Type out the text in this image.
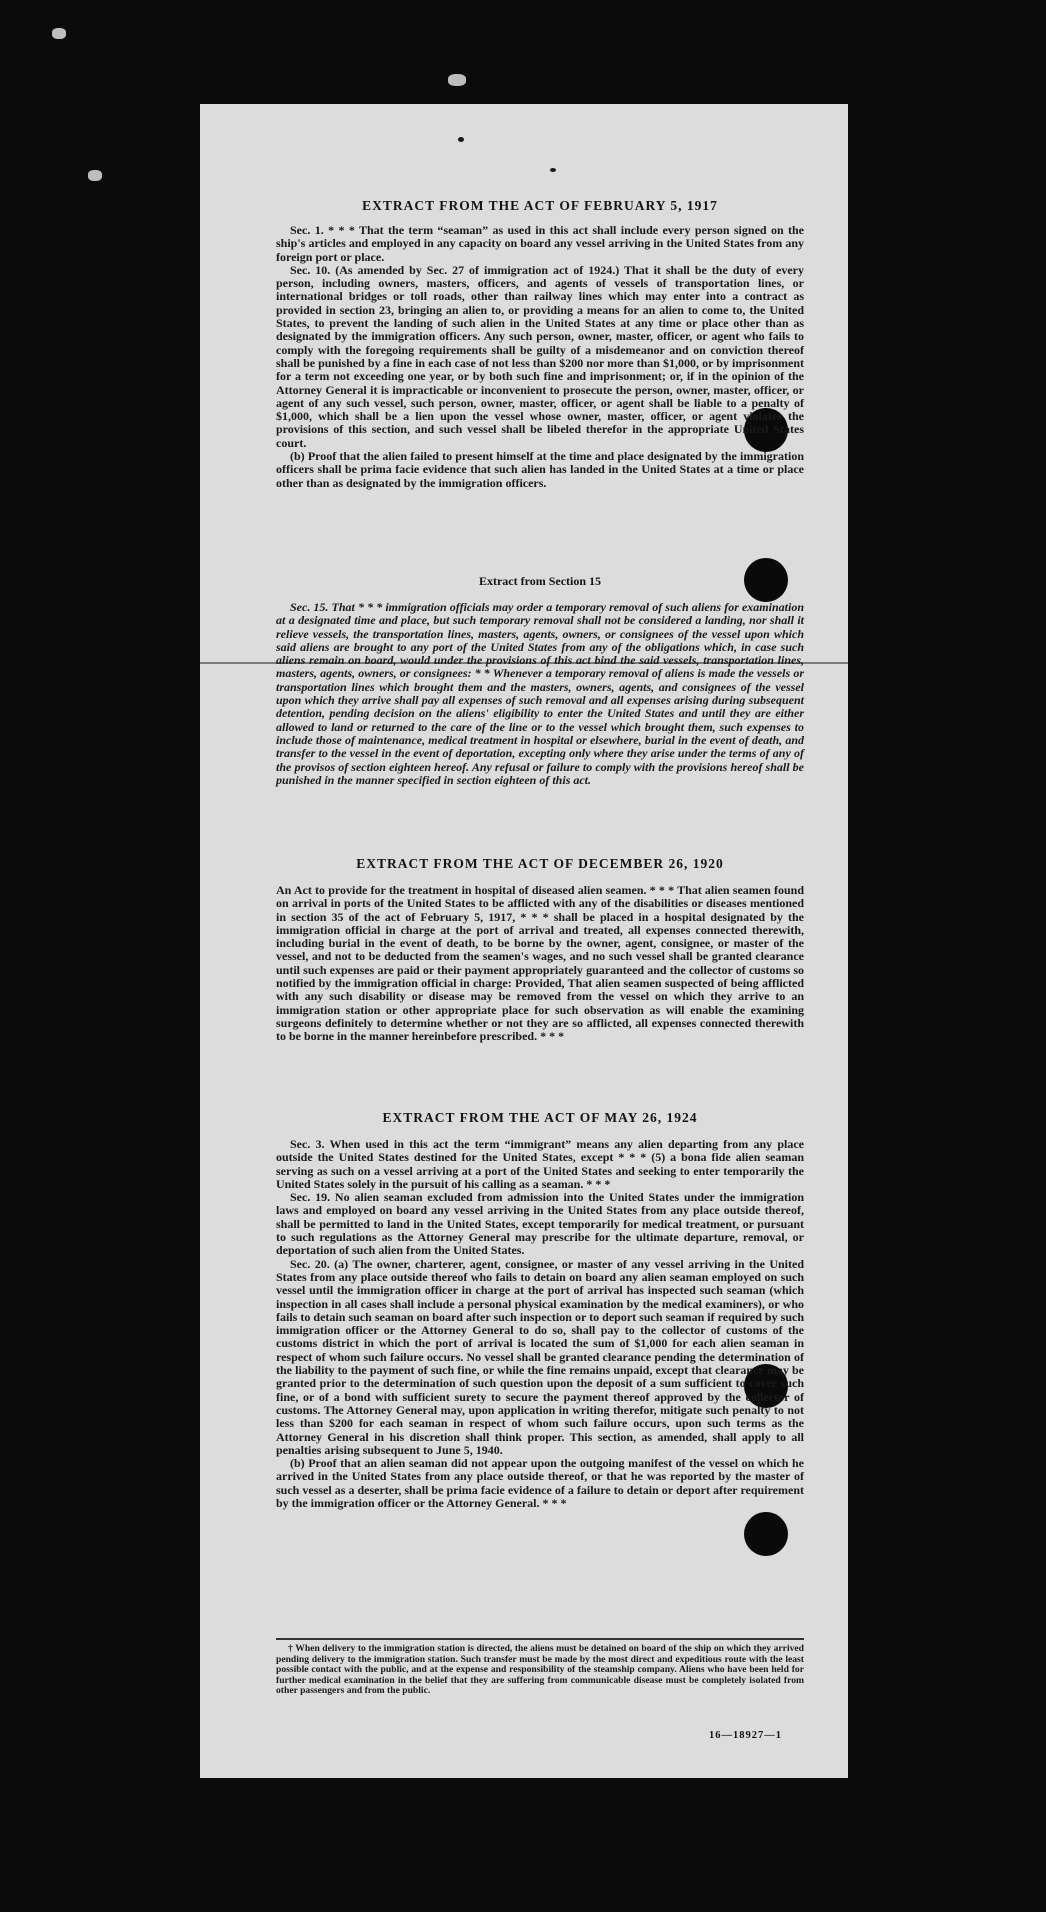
EXTRACT FROM THE ACT OF FEBRUARY 5, 1917

Sec. 1. * * * That the term “seaman” as used in this act shall include every person signed on the ship's articles and employed in any capacity on board any vessel arriving in the United States from any foreign port or place.

Sec. 10. (As amended by Sec. 27 of immigration act of 1924.) That it shall be the duty of every person, including owners, masters, officers, and agents of vessels of transportation lines, or international bridges or toll roads, other than railway lines which may enter into a contract as provided in section 23, bringing an alien to, or providing a means for an alien to come to, the United States, to prevent the landing of such alien in the United States at any time or place other than as designated by the immigration officers. Any such person, owner, master, officer, or agent who fails to comply with the foregoing requirements shall be guilty of a misdemeanor and on conviction thereof shall be punished by a fine in each case of not less than $200 nor more than $1,000, or by imprisonment for a term not exceeding one year, or by both such fine and imprisonment; or, if in the opinion of the Attorney General it is impracticable or inconvenient to prosecute the person, owner, master, officer, or agent of any such vessel, such person, owner, master, officer, or agent shall be liable to a penalty of $1,000, which shall be a lien upon the vessel whose owner, master, officer, or agent violates the provisions of this section, and such vessel shall be libeled therefor in the appropriate United States court.

(b) Proof that the alien failed to present himself at the time and place designated by the immigration officers shall be prima facie evidence that such alien has landed in the United States at a time or place other than as designated by the immigration officers.

Extract from Section 15

Sec. 15. That * * * immigration officials may order a temporary removal of such aliens for examination at a designated time and place, but such temporary removal shall not be considered a landing, nor shall it relieve vessels, the transportation lines, masters, agents, owners, or consignees of the vessel upon which said aliens are brought to any port of the United States from any of the obligations which, in case such aliens remain on board, would under the provisions of this act bind the said vessels, transportation lines, masters, agents, owners, or consignees: * * Whenever a temporary removal of aliens is made the vessels or transportation lines which brought them and the masters, owners, agents, and consignees of the vessel upon which they arrive shall pay all expenses of such removal and all expenses arising during subsequent detention, pending decision on the aliens' eligibility to enter the United States and until they are either allowed to land or returned to the care of the line or to the vessel which brought them, such expenses to include those of maintenance, medical treatment in hospital or elsewhere, burial in the event of death, and transfer to the vessel in the event of deportation, excepting only where they arise under the terms of any of the provisos of section eighteen hereof. Any refusal or failure to comply with the provisions hereof shall be punished in the manner specified in section eighteen of this act.

EXTRACT FROM THE ACT OF DECEMBER 26, 1920

An Act to provide for the treatment in hospital of diseased alien seamen. * * * That alien seamen found on arrival in ports of the United States to be afflicted with any of the disabilities or diseases mentioned in section 35 of the act of February 5, 1917, * * * shall be placed in a hospital designated by the immigration official in charge at the port of arrival and treated, all expenses connected therewith, including burial in the event of death, to be borne by the owner, agent, consignee, or master of the vessel, and not to be deducted from the seamen's wages, and no such vessel shall be granted clearance until such expenses are paid or their payment appropriately guaranteed and the collector of customs so notified by the immigration official in charge: Provided, That alien seamen suspected of being afflicted with any such disability or disease may be removed from the vessel on which they arrive to an immigration station or other appropriate place for such observation as will enable the examining surgeons definitely to determine whether or not they are so afflicted, all expenses connected therewith to be borne in the manner hereinbefore prescribed. * * *

EXTRACT FROM THE ACT OF MAY 26, 1924

Sec. 3. When used in this act the term “immigrant” means any alien departing from any place outside the United States destined for the United States, except * * * (5) a bona fide alien seaman serving as such on a vessel arriving at a port of the United States and seeking to enter temporarily the United States solely in the pursuit of his calling as a seaman. * * *

Sec. 19. No alien seaman excluded from admission into the United States under the immigration laws and employed on board any vessel arriving in the United States from any place outside thereof, shall be permitted to land in the United States, except temporarily for medical treatment, or pursuant to such regulations as the Attorney General may prescribe for the ultimate departure, removal, or deportation of such alien from the United States.

Sec. 20. (a) The owner, charterer, agent, consignee, or master of any vessel arriving in the United States from any place outside thereof who fails to detain on board any alien seaman employed on such vessel until the immigration officer in charge at the port of arrival has inspected such seaman (which inspection in all cases shall include a personal physical examination by the medical examiners), or who fails to detain such seaman on board after such inspection or to deport such seaman if required by such immigration officer or the Attorney General to do so, shall pay to the collector of customs of the customs district in which the port of arrival is located the sum of $1,000 for each alien seaman in respect of whom such failure occurs. No vessel shall be granted clearance pending the determination of the liability to the payment of such fine, or while the fine remains unpaid, except that clearance may be granted prior to the determination of such question upon the deposit of a sum sufficient to cover such fine, or of a bond with sufficient surety to secure the payment thereof approved by the collector of customs. The Attorney General may, upon application in writing therefor, mitigate such penalty to not less than $200 for each seaman in respect of whom such failure occurs, upon such terms as the Attorney General in his discretion shall think proper. This section, as amended, shall apply to all penalties arising subsequent to June 5, 1940.

(b) Proof that an alien seaman did not appear upon the outgoing manifest of the vessel on which he arrived in the United States from any place outside thereof, or that he was reported by the master of such vessel as a deserter, shall be prima facie evidence of a failure to detain or deport after requirement by the immigration officer or the Attorney General. * * *

† When delivery to the immigration station is directed, the aliens must be detained on board of the ship on which they arrived pending delivery to the immigration station. Such transfer must be made by the most direct and expeditious route with the least possible contact with the public, and at the expense and responsibility of the steamship company. Aliens who have been held for further medical examination in the belief that they are suffering from communicable disease must be completely isolated from other passengers and from the public.

16—18927—1
